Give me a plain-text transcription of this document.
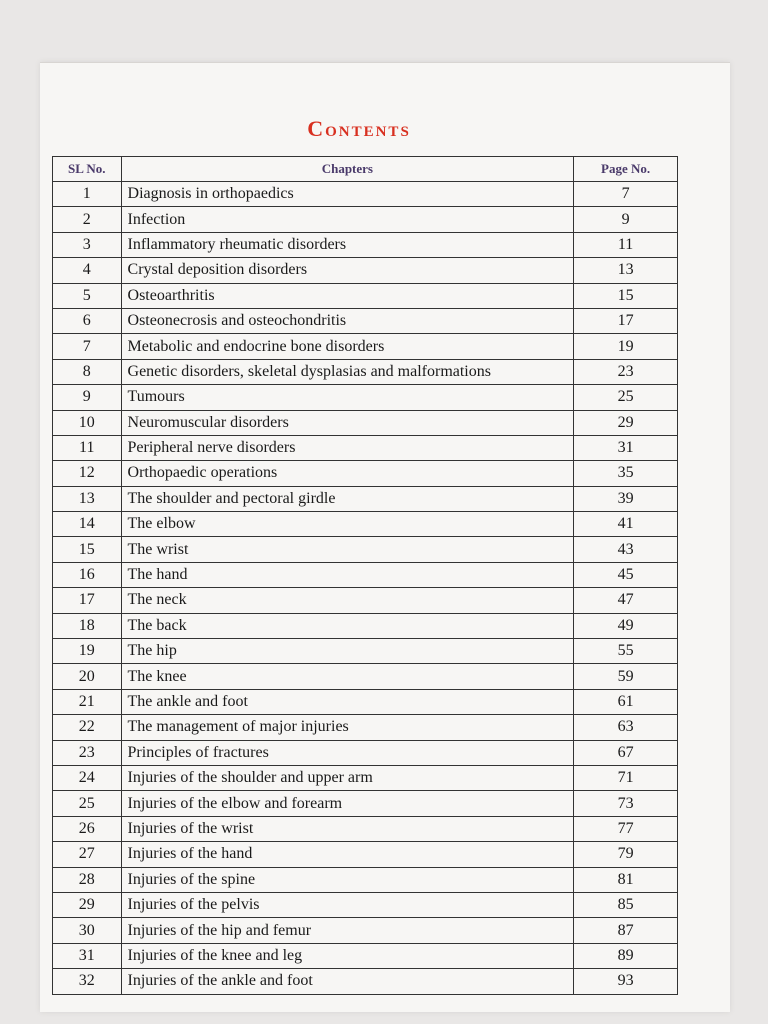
Contents
SL No.	Chapters	Page No.
1	Diagnosis in orthopaedics	7
2	Infection	9
3	Inflammatory rheumatic disorders	11
4	Crystal deposition disorders	13
5	Osteoarthritis	15
6	Osteonecrosis and osteochondritis	17
7	Metabolic and endocrine bone disorders	19
8	Genetic disorders, skeletal dysplasias and malformations	23
9	Tumours	25
10	Neuromuscular disorders	29
11	Peripheral nerve disorders	31
12	Orthopaedic operations	35
13	The shoulder and pectoral girdle	39
14	The elbow	41
15	The wrist	43
16	The hand	45
17	The neck	47
18	The back	49
19	The hip	55
20	The knee	59
21	The ankle and foot	61
22	The management of major injuries	63
23	Principles of fractures	67
24	Injuries of the shoulder and upper arm	71
25	Injuries of the elbow and forearm	73
26	Injuries of the wrist	77
27	Injuries of the hand	79
28	Injuries of the spine	81
29	Injuries of the pelvis	85
30	Injuries of the hip and femur	87
31	Injuries of the knee and leg	89
32	Injuries of the ankle and foot	93
